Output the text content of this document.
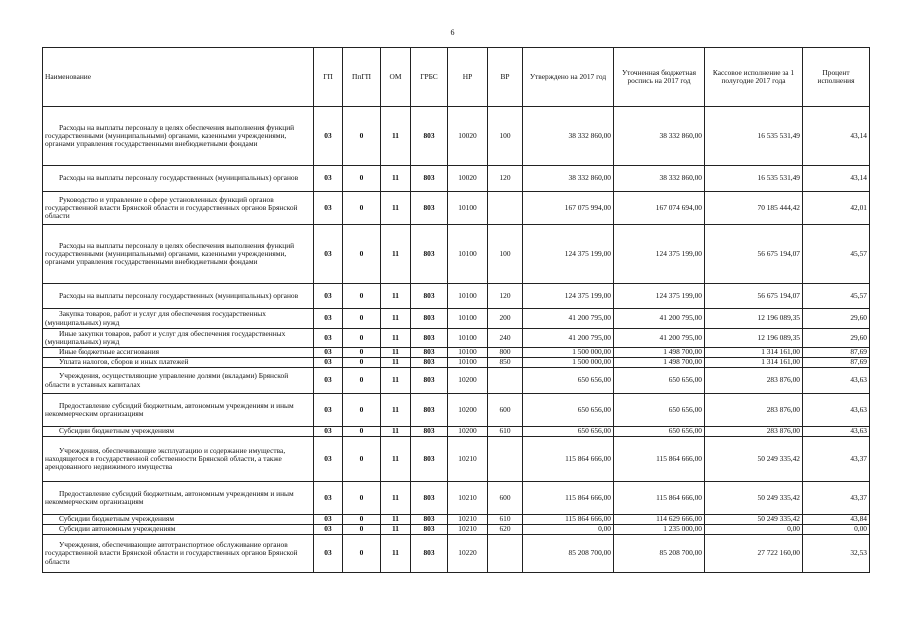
6
Наименование	ГП	ПпГП	ОМ	ГРБС	НР	ВР	Утверждено на 2017 год	Уточненная бюджетная роспись на 2017 год	Кассовое исполнение за 1 полугодие 2017 года	Процент исполнения

Расходы на выплаты персоналу в целях обеспечения выполнения функций государственными (муниципальными) органами, казенными учреждениями, органами управления государственными внебюджетными фондами	03	0	11	803	10020	100	38 332 860,00	38 332 860,00	16 535 531,49	43,14

Расходы на выплаты персоналу государственных (муниципальных) органов	03	0	11	803	10020	120	38 332 860,00	38 332 860,00	16 535 531,49	43,14

Руководство и управление в сфере установленных функций органов государственной власти Брянской области и государственных органов Брянской области	03	0	11	803	10100		167 075 994,00	167 074 694,00	70 185 444,42	42,01

Расходы на выплаты персоналу в целях обеспечения выполнения функций государственными (муниципальными) органами, казенными учреждениями, органами управления государственными внебюджетными фондами	03	0	11	803	10100	100	124 375 199,00	124 375 199,00	56 675 194,07	45,57

Расходы на выплаты персоналу государственных (муниципальных) органов	03	0	11	803	10100	120	124 375 199,00	124 375 199,00	56 675 194,07	45,57

Закупка товаров, работ и услуг для обеспечения государственных (муниципальных) нужд	03	0	11	803	10100	200	41 200 795,00	41 200 795,00	12 196 089,35	29,60

Иные закупки товаров, работ и услуг для обеспечения государственных (муниципальных) нужд	03	0	11	803	10100	240	41 200 795,00	41 200 795,00	12 196 089,35	29,60

Иные бюджетные ассигнования	03	0	11	803	10100	800	1 500 000,00	1 498 700,00	1 314 161,00	87,69

Уплата налогов, сборов и иных платежей	03	0	11	803	10100	850	1 500 000,00	1 498 700,00	1 314 161,00	87,69

Учреждения, осуществляющие управление долями (вкладами) Брянской области в уставных капиталах	03	0	11	803	10200		650 656,00	650 656,00	283 876,00	43,63

Предоставление субсидий бюджетным, автономным учреждениям и иным некоммерческим организациям	03	0	11	803	10200	600	650 656,00	650 656,00	283 876,00	43,63

Субсидии бюджетным учреждениям	03	0	11	803	10200	610	650 656,00	650 656,00	283 876,00	43,63

Учреждения, обеспечивающие эксплуатацию и содержание имущества, находящегося в государственной собственности Брянской области, а также арендованного недвижимого имущества	03	0	11	803	10210		115 864 666,00	115 864 666,00	50 249 335,42	43,37

Предоставление субсидий бюджетным, автономным учреждениям и иным некоммерческим организациям	03	0	11	803	10210	600	115 864 666,00	115 864 666,00	50 249 335,42	43,37

Субсидии бюджетным учреждениям	03	0	11	803	10210	610	115 864 666,00	114 629 666,00	50 249 335,42	43,84

Субсидии автономным учреждениям	03	0	11	803	10210	620	0,00	1 235 000,00	0,00	0,00

Учреждения, обеспечивающие автотранспортное обслуживание органов государственной власти Брянской области и государственных органов Брянской области	03	0	11	803	10220		85 208 700,00	85 208 700,00	27 722 160,00	32,53
